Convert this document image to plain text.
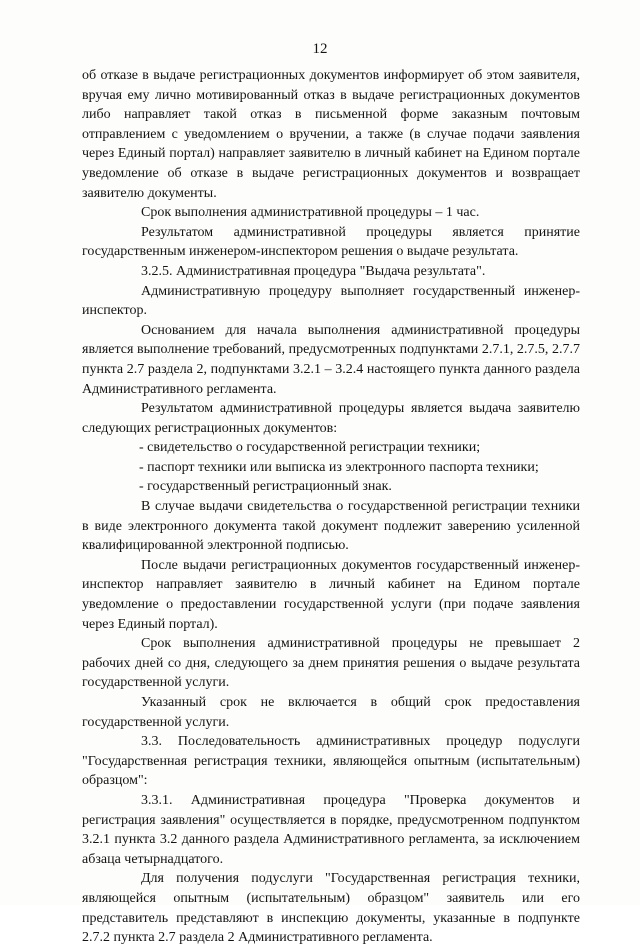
12

об отказе в выдаче регистрационных документов информирует об этом заявителя, вручая ему лично мотивированный отказ в выдаче регистрационных документов либо направляет такой отказ в письменной форме заказным почтовым отправлением с уведомлением о вручении, а также (в случае подачи заявления через Единый портал) направляет заявителю в личный кабинет на Едином портале уведомление об отказе в выдаче регистрационных документов и возвращает заявителю документы.

Срок выполнения административной процедуры – 1 час.

Результатом административной процедуры является принятие государственным инженером-инспектором решения о выдаче результата.

3.2.5. Административная процедура "Выдача результата".

Административную процедуру выполняет государственный инженер-инспектор.

Основанием для начала выполнения административной процедуры является выполнение требований, предусмотренных подпунктами 2.7.1, 2.7.5, 2.7.7 пункта 2.7 раздела 2, подпунктами 3.2.1 – 3.2.4 настоящего пункта данного раздела Административного регламента.

Результатом административной процедуры является выдача заявителю следующих регистрационных документов:

- свидетельство о государственной регистрации техники;

- паспорт техники или выписка из электронного паспорта техники;

- государственный регистрационный знак.

В случае выдачи свидетельства о государственной регистрации техники в виде электронного документа такой документ подлежит заверению усиленной квалифицированной электронной подписью.

После выдачи регистрационных документов государственный инженер-инспектор направляет заявителю в личный кабинет на Едином портале уведомление о предоставлении государственной услуги (при подаче заявления через Единый портал).

Срок выполнения административной процедуры не превышает 2 рабочих дней со дня, следующего за днем принятия решения о выдаче результата государственной услуги.

Указанный срок не включается в общий срок предоставления государственной услуги.

3.3. Последовательность административных процедур подуслуги "Государственная регистрация техники, являющейся опытным (испытательным) образцом":

3.3.1. Административная процедура "Проверка документов и регистрация заявления" осуществляется в порядке, предусмотренном подпунктом 3.2.1 пункта 3.2 данного раздела Административного регламента, за исключением абзаца четырнадцатого.

Для получения подуслуги "Государственная регистрация техники, являющейся опытным (испытательным) образцом" заявитель или его представитель представляют в инспекцию документы, указанные в подпункте 2.7.2 пункта 2.7 раздела 2 Административного регламента.
